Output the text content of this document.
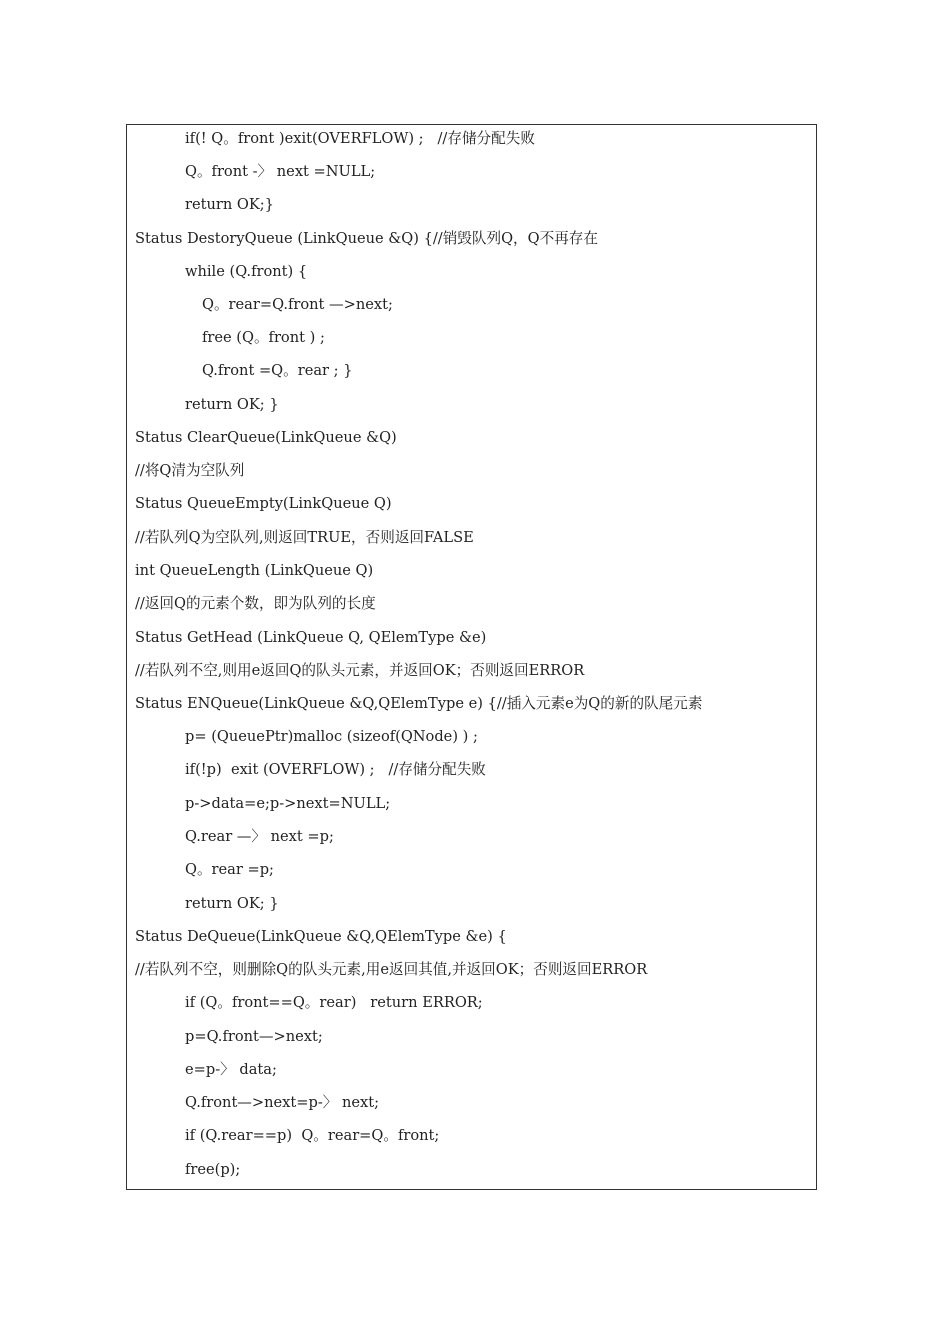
if(! Q。front )exit(OVERFLOW) ;   //存储分配失败
Q。front -〉 next =NULL;
return OK;}
Status DestoryQueue (LinkQueue &Q) {//销毁队列Q，Q不再存在
while (Q.front) {
Q。rear=Q.front —>next;
free (Q。front ) ;
Q.front =Q。rear ; }
return OK; }
Status ClearQueue(LinkQueue &Q)
//将Q清为空队列
Status QueueEmpty(LinkQueue Q)
//若队列Q为空队列,则返回TRUE，否则返回FALSE
int QueueLength (LinkQueue Q)
//返回Q的元素个数，即为队列的长度
Status GetHead (LinkQueue Q, QElemType &e)
//若队列不空,则用e返回Q的队头元素，并返回OK；否则返回ERROR
Status ENQueue(LinkQueue &Q,QElemType e) {//插入元素e为Q的新的队尾元素
p= (QueuePtr)malloc (sizeof(QNode) ) ;
if(!p)  exit (OVERFLOW) ;   //存储分配失败
p->data=e;p->next=NULL;
Q.rear —〉 next =p;
Q。rear =p;
return OK; }
Status DeQueue(LinkQueue &Q,QElemType &e) {
//若队列不空，则删除Q的队头元素,用e返回其值,并返回OK；否则返回ERROR
if (Q。front==Q。rear)   return ERROR;
p=Q.front—>next;
e=p-〉 data;
Q.front—>next=p-〉 next;
if (Q.rear==p)  Q。rear=Q。front;
free(p);
